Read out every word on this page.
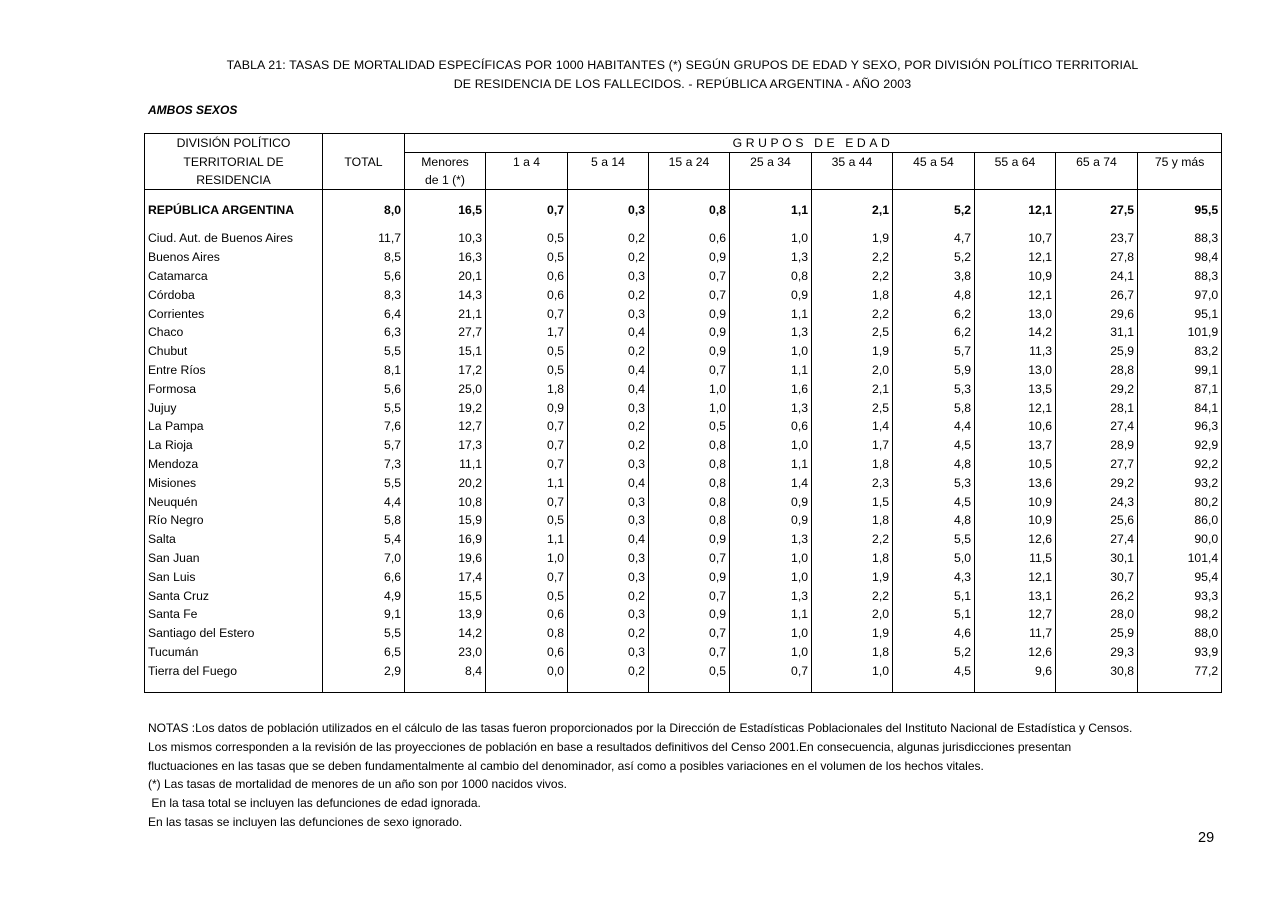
TABLA 21: TASAS DE MORTALIDAD ESPECÍFICAS POR 1000 HABITANTES (*) SEGÚN GRUPOS DE EDAD Y SEXO, POR DIVISIÓN POLÍTICO TERRITORIAL
DE RESIDENCIA DE LOS FALLECIDOS. - REPÚBLICA ARGENTINA - AÑO 2003
AMBOS SEXOS
DIVISIÓN POLÍTICO		GRUPOS DE EDAD										
TERRITORIAL DE	TOTAL	Menores	1 a 4	5 a 14	15 a 24	25 a 34	35 a 44	45 a 54	55 a 64	65 a 74	75 y más	
RESIDENCIA		de 1 (*)										

REPÚBLICA ARGENTINA	8,0	16,5	0,7	0,3	0,8	1,1	2,1	5,2	12,1	27,5	95,5	

Ciud. Aut. de Buenos Aires	11,7	10,3	0,5	0,2	0,6	1,0	1,9	4,7	10,7	23,7	88,3	
Buenos Aires	8,5	16,3	0,5	0,2	0,9	1,3	2,2	5,2	12,1	27,8	98,4	
Catamarca	5,6	20,1	0,6	0,3	0,7	0,8	2,2	3,8	10,9	24,1	88,3	
Córdoba	8,3	14,3	0,6	0,2	0,7	0,9	1,8	4,8	12,1	26,7	97,0	
Corrientes	6,4	21,1	0,7	0,3	0,9	1,1	2,2	6,2	13,0	29,6	95,1	
Chaco	6,3	27,7	1,7	0,4	0,9	1,3	2,5	6,2	14,2	31,1	101,9	
Chubut	5,5	15,1	0,5	0,2	0,9	1,0	1,9	5,7	11,3	25,9	83,2	
Entre Ríos	8,1	17,2	0,5	0,4	0,7	1,1	2,0	5,9	13,0	28,8	99,1	
Formosa	5,6	25,0	1,8	0,4	1,0	1,6	2,1	5,3	13,5	29,2	87,1	
Jujuy	5,5	19,2	0,9	0,3	1,0	1,3	2,5	5,8	12,1	28,1	84,1	
La Pampa	7,6	12,7	0,7	0,2	0,5	0,6	1,4	4,4	10,6	27,4	96,3	
La Rioja	5,7	17,3	0,7	0,2	0,8	1,0	1,7	4,5	13,7	28,9	92,9	
Mendoza	7,3	11,1	0,7	0,3	0,8	1,1	1,8	4,8	10,5	27,7	92,2	
Misiones	5,5	20,2	1,1	0,4	0,8	1,4	2,3	5,3	13,6	29,2	93,2	
Neuquén	4,4	10,8	0,7	0,3	0,8	0,9	1,5	4,5	10,9	24,3	80,2	
Río Negro	5,8	15,9	0,5	0,3	0,8	0,9	1,8	4,8	10,9	25,6	86,0	
Salta	5,4	16,9	1,1	0,4	0,9	1,3	2,2	5,5	12,6	27,4	90,0	
San Juan	7,0	19,6	1,0	0,3	0,7	1,0	1,8	5,0	11,5	30,1	101,4	
San Luis	6,6	17,4	0,7	0,3	0,9	1,0	1,9	4,3	12,1	30,7	95,4	
Santa Cruz	4,9	15,5	0,5	0,2	0,7	1,3	2,2	5,1	13,1	26,2	93,3	
Santa Fe	9,1	13,9	0,6	0,3	0,9	1,1	2,0	5,1	12,7	28,0	98,2	
Santiago del Estero	5,5	14,2	0,8	0,2	0,7	1,0	1,9	4,6	11,7	25,9	88,0	
Tucumán	6,5	23,0	0,6	0,3	0,7	1,0	1,8	5,2	12,6	29,3	93,9	
Tierra del Fuego	2,9	8,4	0,0	0,2	0,5	0,7	1,0	4,5	9,6	30,8	77,2	

NOTAS :Los datos de población utilizados en el cálculo de las tasas fueron proporcionados por la Dirección de Estadísticas Poblacionales del Instituto Nacional de Estadística y Censos.
Los mismos corresponden a la revisión de las proyecciones de población en base a resultados definitivos del Censo 2001.En consecuencia, algunas jurisdicciones presentan
fluctuaciones en las tasas que se deben fundamentalmente al cambio del denominador, así como a posibles variaciones en el volumen de los hechos vitales.
(*) Las tasas de mortalidad de menores de un año son por 1000 nacidos vivos.
En la tasa total se incluyen las defunciones de edad ignorada.
En las tasas se incluyen las defunciones de sexo ignorado.
29
